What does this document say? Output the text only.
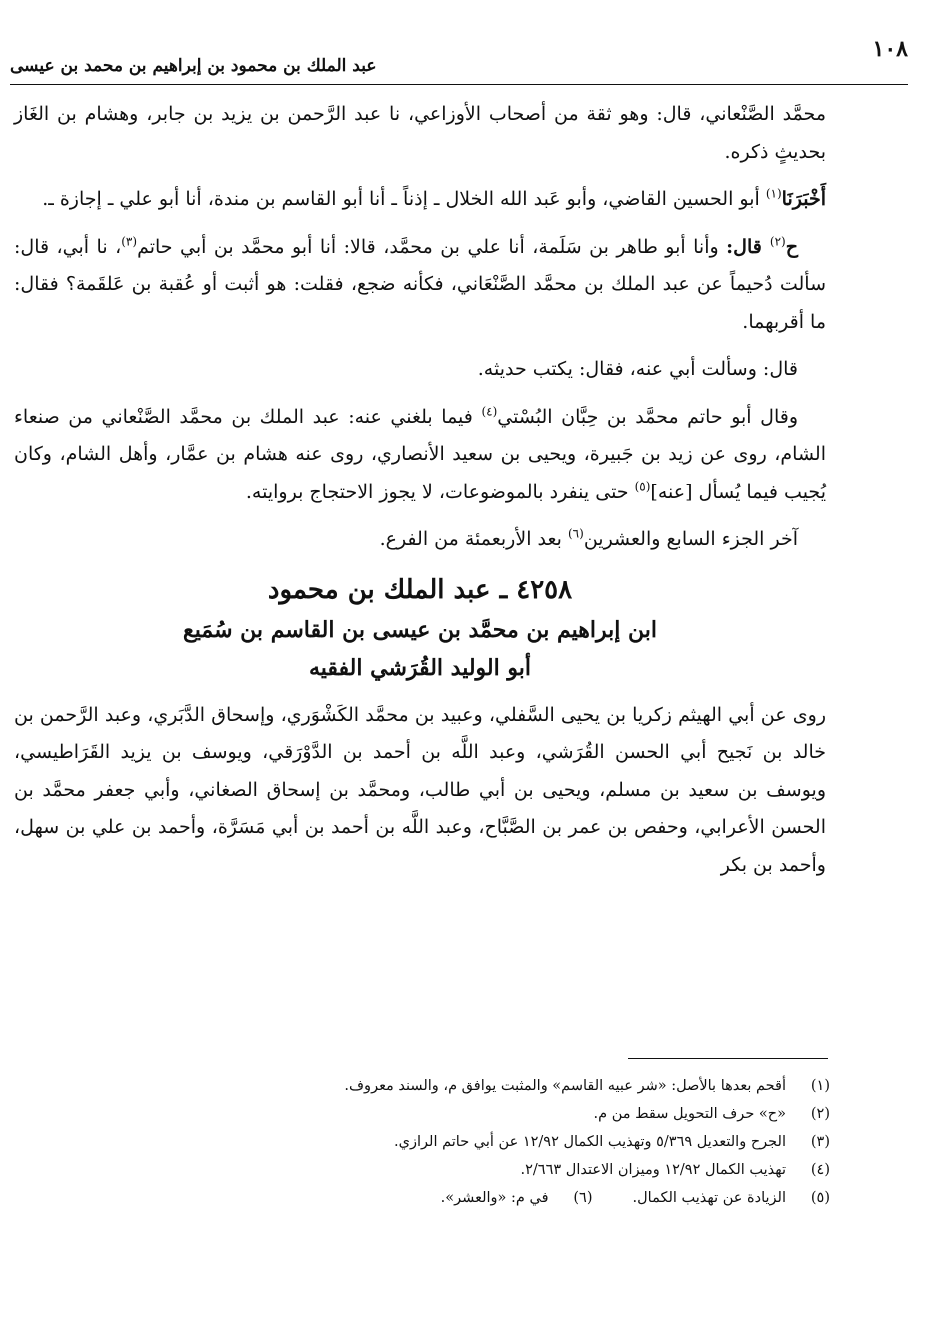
١٠٨
عبد الملك بن محمود بن إبراهيم بن محمد بن عيسى

محمَّد الصَّنْعاني، قال: وهو ثقة من أصحاب الأوزاعي، نا عبد الرَّحمن بن يزيد بن جابر، وهشام بن الغَاز بحديثٍ ذكره.

أَخْبَرَنَا$^{(١)}$ أبو الحسين القاضي، وأبو عَبد الله الخلال ـ إذناً ـ أنا أبو القاسم بن مندة، أنا أبو علي ـ إجازة ـ.

ح$^{(٢)}$ قال: وأنا أبو طاهر بن سَلَمة، أنا علي بن محمَّد، قالا: أنا أبو محمَّد بن أبي حاتم$^{(٣)}$، نا أبي، قال: سألت دُحيماً عن عبد الملك بن محمَّد الصَّنْعَاني، فكأنه ضجع، فقلت: هو أثبت أو عُقبة بن عَلقَمة؟ فقال: ما أقربهما.

قال: وسألت أبي عنه، فقال: يكتب حديثه.

وقال أبو حاتم محمَّد بن حِبَّان البُسْتي$^{(٤)}$ فيما بلغني عنه: عبد الملك بن محمَّد الصَّنْعاني من صنعاء الشام، روى عن زيد بن جَبيرة، ويحيى بن سعيد الأنصاري، روى عنه هشام بن عمَّار، وأهل الشام، وكان يُجيب فيما يُسأل [عنه]$^{(٥)}$ حتى ينفرد بالموضوعات، لا يجوز الاحتجاج بروايته.

آخر الجزء السابع والعشرين$^{(٦)}$ بعد الأربعمئة من الفرع.

٤٢٥٨ ـ عبد الملك بن محمود
ابن إبراهيم بن محمَّد بن عيسى بن القاسم بن سُمَيع
أبو الوليد القُرَشي الفقيه

روى عن أبي الهيثم زكريا بن يحيى السَّفلي، وعبيد بن محمَّد الكَشْوَري، وإسحاق الدَّبَري، وعبد الرَّحمن بن خالد بن نَجيح أبي الحسن القُرَشي، وعبد اللَّه بن أحمد بن الدَّوْرَقي، ويوسف بن يزيد القَرَاطيسي، ويوسف بن سعيد بن مسلم، ويحيى بن أبي طالب، ومحمَّد بن إسحاق الصغاني، وأبي جعفر محمَّد بن الحسن الأعرابي، وحفص بن عمر بن الصَّبَّاح، وعبد اللَّه بن أحمد بن أبي مَسَرَّة، وأحمد بن علي بن سهل، وأحمد بن بكر

(١)
أقحم بعدها بالأصل: «شر عبيه القاسم» والمثبت يوافق م، والسند معروف.
(٢)
«ح» حرف التحويل سقط من م.
(٣)
الجرح والتعديل ٥/٣٦٩ وتهذيب الكمال ١٢/٩٢ عن أبي حاتم الرازي.
(٤)
تهذيب الكمال ١٢/٩٢ وميزان الاعتدال ٢/٦٦٣.
(٥)
الزيادة عن تهذيب الكمال.
(٦)
في م: «والعشر».
